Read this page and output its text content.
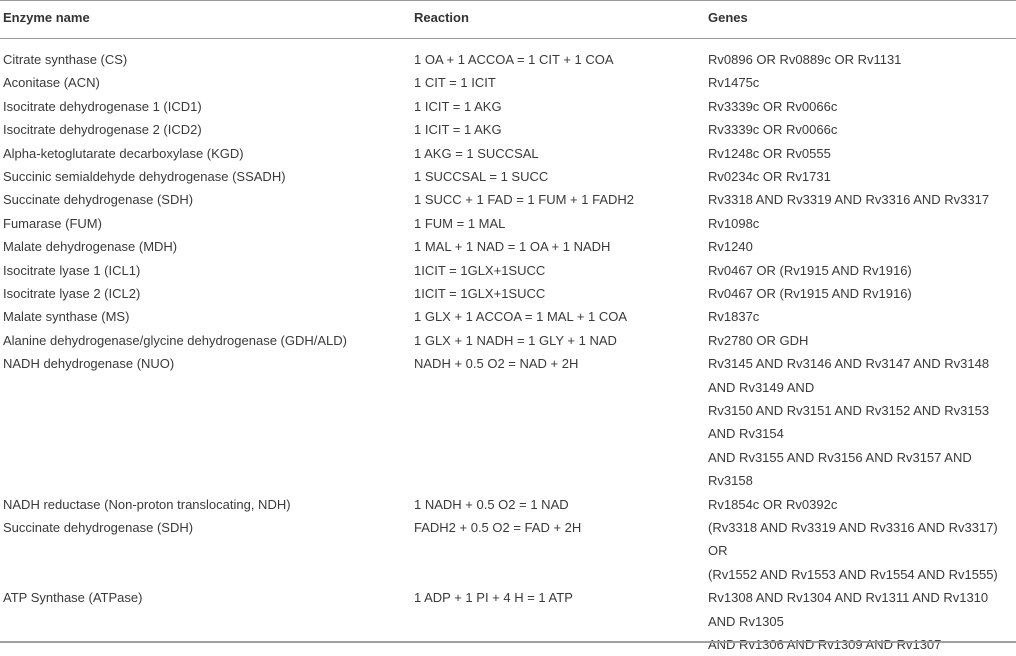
Enzyme name	Reaction	Genes
Citrate synthase (CS)	1 OA + 1 ACCOA = 1 CIT + 1 COA	Rv0896 OR Rv0889c OR Rv1131
Aconitase (ACN)	1 CIT = 1 ICIT	Rv1475c
Isocitrate dehydrogenase 1 (ICD1)	1 ICIT = 1 AKG	Rv3339c OR Rv0066c
Isocitrate dehydrogenase 2 (ICD2)	1 ICIT = 1 AKG	Rv3339c OR Rv0066c
Alpha-ketoglutarate decarboxylase (KGD)	1 AKG = 1 SUCCSAL	Rv1248c OR Rv0555
Succinic semialdehyde dehydrogenase (SSADH)	1 SUCCSAL = 1 SUCC	Rv0234c OR Rv1731
Succinate dehydrogenase (SDH)	1 SUCC + 1 FAD = 1 FUM + 1 FADH2	Rv3318 AND Rv3319 AND Rv3316 AND Rv3317
Fumarase (FUM)	1 FUM = 1 MAL	Rv1098c
Malate dehydrogenase (MDH)	1 MAL + 1 NAD = 1 OA + 1 NADH	Rv1240
Isocitrate lyase 1 (ICL1)	1ICIT = 1GLX+1SUCC	Rv0467 OR (Rv1915 AND Rv1916)
Isocitrate lyase 2 (ICL2)	1ICIT = 1GLX+1SUCC	Rv0467 OR (Rv1915 AND Rv1916)
Malate synthase (MS)	1 GLX + 1 ACCOA = 1 MAL + 1 COA	Rv1837c
Alanine dehydrogenase/glycine dehydrogenase (GDH/ALD)	1 GLX + 1 NADH = 1 GLY + 1 NAD	Rv2780 OR GDH
NADH dehydrogenase (NUO)	NADH + 0.5 O2 = NAD + 2H	Rv3145 AND Rv3146 AND Rv3147 AND Rv3148
AND Rv3149 AND
Rv3150 AND Rv3151 AND Rv3152 AND Rv3153
AND Rv3154
AND Rv3155 AND Rv3156 AND Rv3157 AND
Rv3158
NADH reductase (Non-proton translocating, NDH)	1 NADH + 0.5 O2 = 1 NAD	Rv1854c OR Rv0392c
Succinate dehydrogenase (SDH)	FADH2 + 0.5 O2 = FAD + 2H	(Rv3318 AND Rv3319 AND Rv3316 AND Rv3317)
OR
(Rv1552 AND Rv1553 AND Rv1554 AND Rv1555)
ATP Synthase (ATPase)	1 ADP + 1 PI + 4 H = 1 ATP	Rv1308 AND Rv1304 AND Rv1311 AND Rv1310
AND Rv1305
AND Rv1306 AND Rv1309 AND Rv1307
